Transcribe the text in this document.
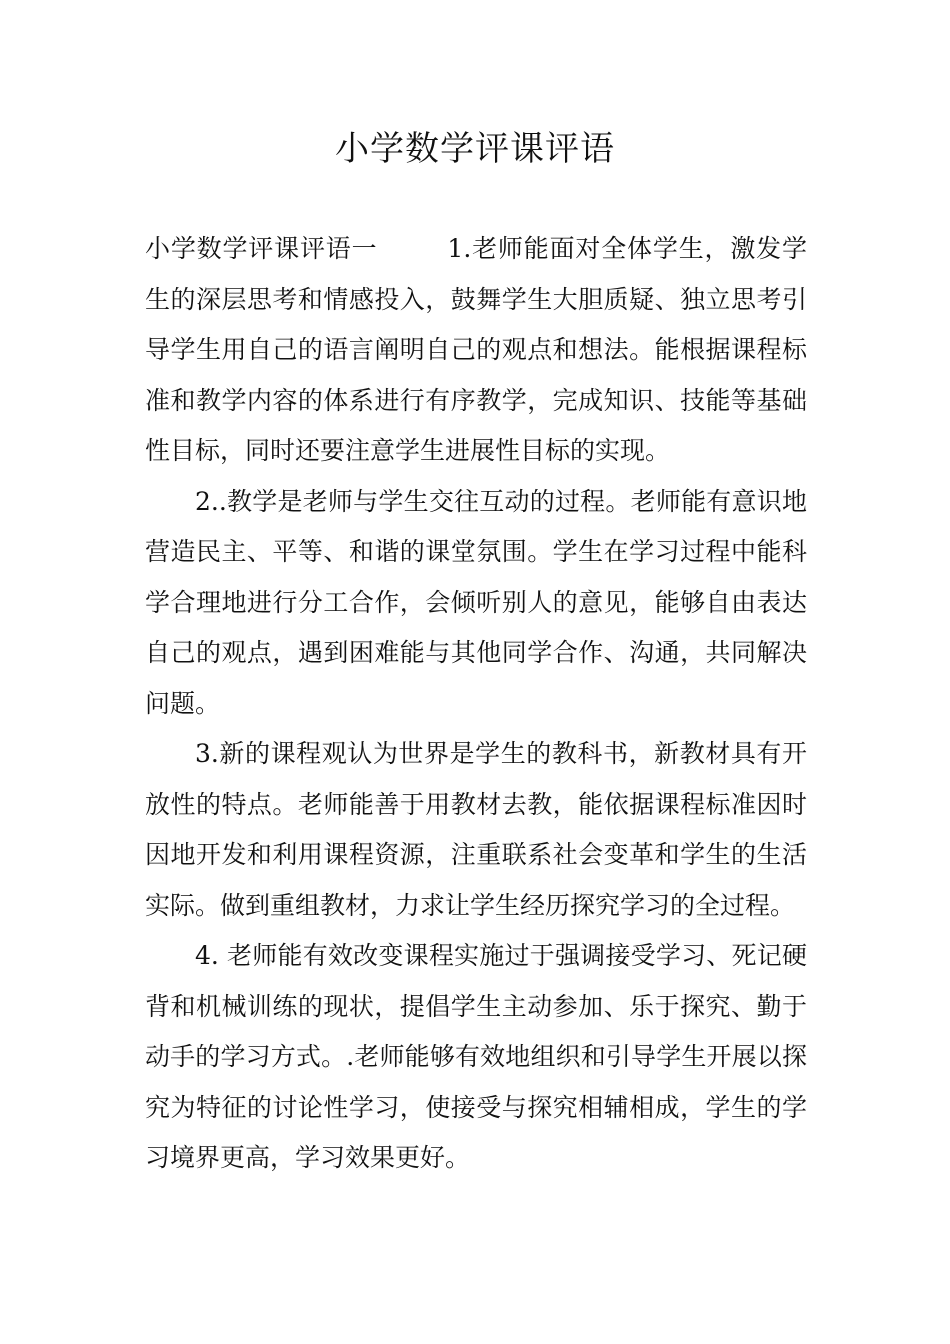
小学数学评课评语

小学数学评课评语一	1.老师能面对全体学生，激发学生的深层思考和情感投入，鼓舞学生大胆质疑、独立思考引导学生用自己的语言阐明自己的观点和想法。能根据课程标准和教学内容的体系进行有序教学，完成知识、技能等基础性目标，同时还要注意学生进展性目标的实现。

2..教学是老师与学生交往互动的过程。老师能有意识地营造民主、平等、和谐的课堂氛围。学生在学习过程中能科学合理地进行分工合作，会倾听别人的意见，能够自由表达自己的观点，遇到困难能与其他同学合作、沟通，共同解决问题。

3.新的课程观认为世界是学生的教科书，新教材具有开放性的特点。老师能善于用教材去教，能依据课程标准因时因地开发和利用课程资源，注重联系社会变革和学生的生活实际。做到重组教材，力求让学生经历探究学习的全过程。

4. 老师能有效改变课程实施过于强调接受学习、死记硬背和机械训练的现状，提倡学生主动参加、乐于探究、勤于动手的学习方式。.老师能够有效地组织和引导学生开展以探究为特征的讨论性学习，使接受与探究相辅相成，学生的学习境界更高，学习效果更好。
